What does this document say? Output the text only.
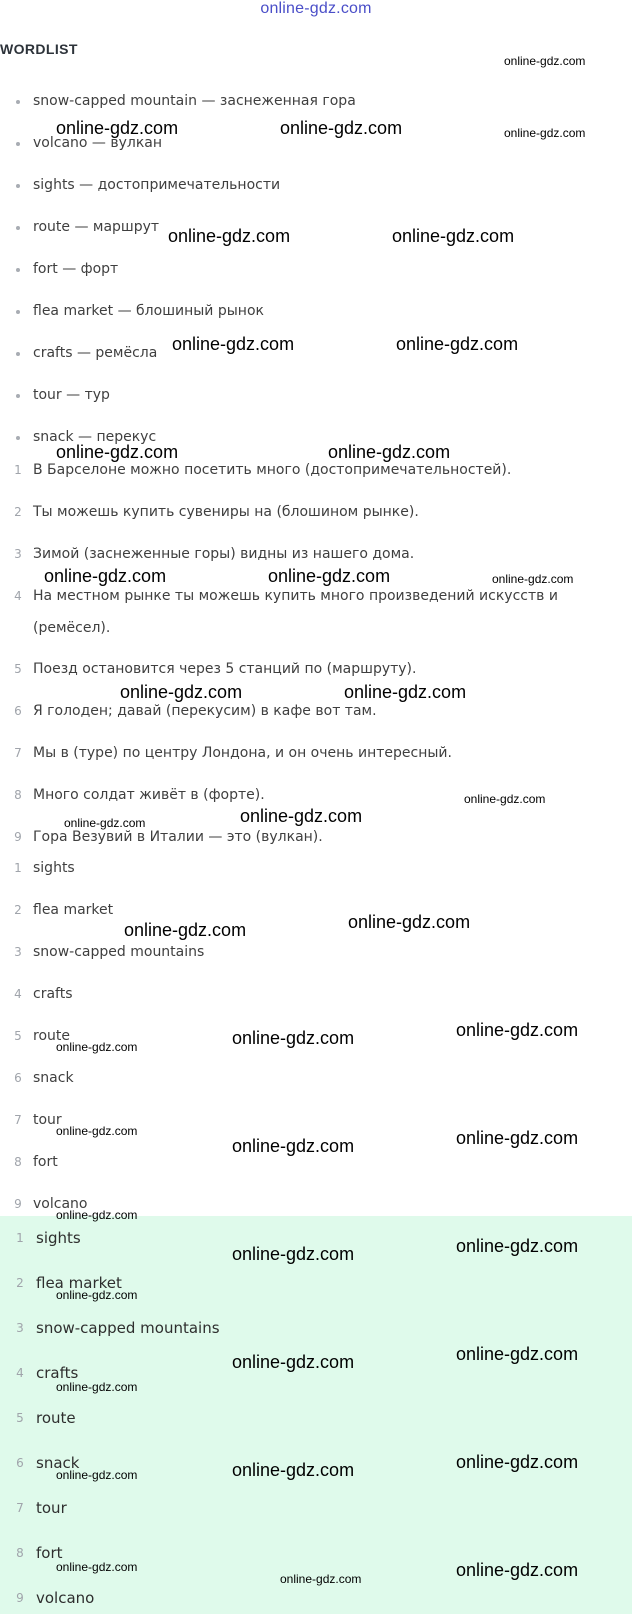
online-gdz.com
WORDLIST
snow-capped mountain — заснеженная гора
volcano — вулкан
sights — достопримечательности
route — маршрут
fort — форт
flea market — блошиный рынок
crafts — ремёсла
tour — тур
snack — перекус
1 В Барселоне можно посетить много (достопримечательностей).
2 Ты можешь купить сувениры на (блошином рынке).
3 Зимой (заснеженные горы) видны из нашего дома.
4 На местном рынке ты можешь купить много произведений искусств и (ремёсел).
5 Поезд остановится через 5 станций по (маршруту).
6 Я голоден; давай (перекусим) в кафе вот там.
7 Мы в (туре) по центру Лондона, и он очень интересный.
8 Много солдат живёт в (форте).
9 Гора Везувий в Италии — это (вулкан).
1 sights
2 flea market
3 snow-capped mountains
4 crafts
5 route
6 snack
7 tour
8 fort
9 volcano
1 sights
2 flea market
3 snow-capped mountains
4 crafts
5 route
6 snack
7 tour
8 fort
9 volcano
online-gdz.com
online-gdz.com	online-gdz.com	online-gdz.com
online-gdz.com	online-gdz.com
online-gdz.com	online-gdz.com
online-gdz.com	online-gdz.com
online-gdz.com	online-gdz.com	online-gdz.com
online-gdz.com	online-gdz.com
online-gdz.com
online-gdz.com
online-gdz.com
online-gdz.com
online-gdz.com
online-gdz.com
online-gdz.com
online-gdz.com
online-gdz.com
online-gdz.com
online-gdz.com
online-gdz.com
online-gdz.com
online-gdz.com
online-gdz.com
online-gdz.com
online-gdz.com
online-gdz.com
online-gdz.com
online-gdz.com
online-gdz.com
online-gdz.com
online-gdz.com
online-gdz.com
